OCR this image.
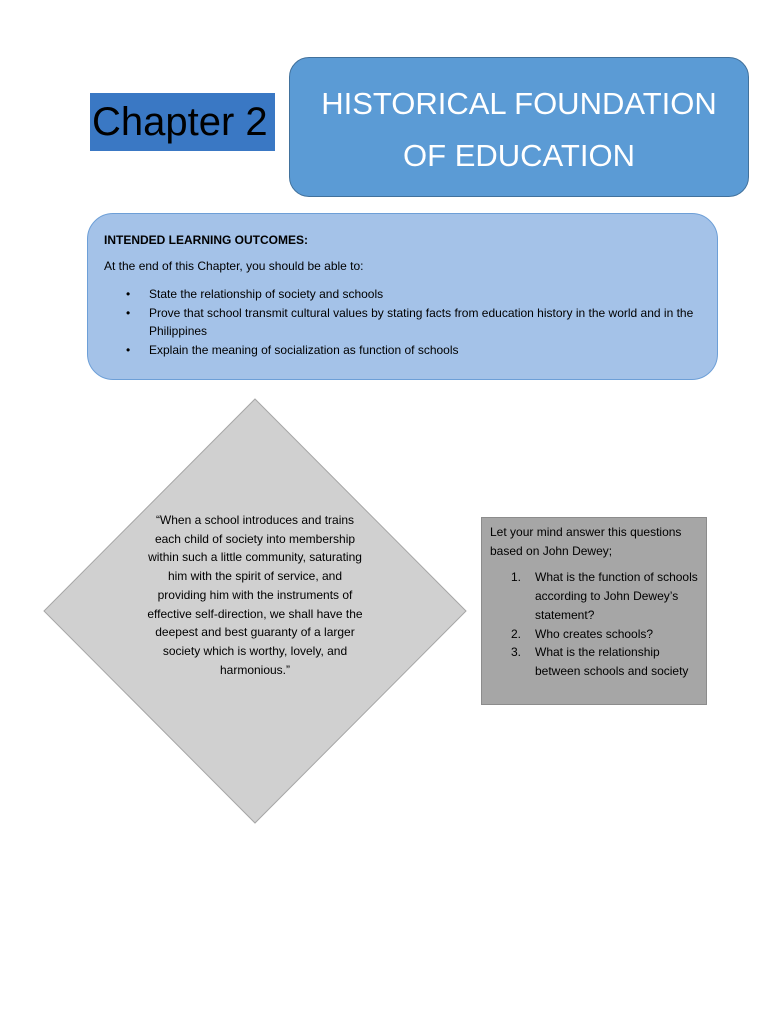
Chapter 2	HISTORICAL FOUNDATION
OF EDUCATION

INTENDED LEARNING OUTCOMES:

At the end of this Chapter, you should be able to:

• State the relationship of society and schools
• Prove that school transmit cultural values by stating facts from education history in the world and in the Philippines
• Explain the meaning of socialization as function of schools
“When a school introduces and trains each child of society into membership within such a little community, saturating him with the spirit of service, and providing him with the instruments of effective self-direction, we shall have the deepest and best guaranty of a larger society which is worthy, lovely, and harmonious.”

Let your mind answer this questions based on John Dewey;

1. What is the function of schools according to John Dewey’s statement?
2. Who creates schools?
3. What is the relationship between schools and society
